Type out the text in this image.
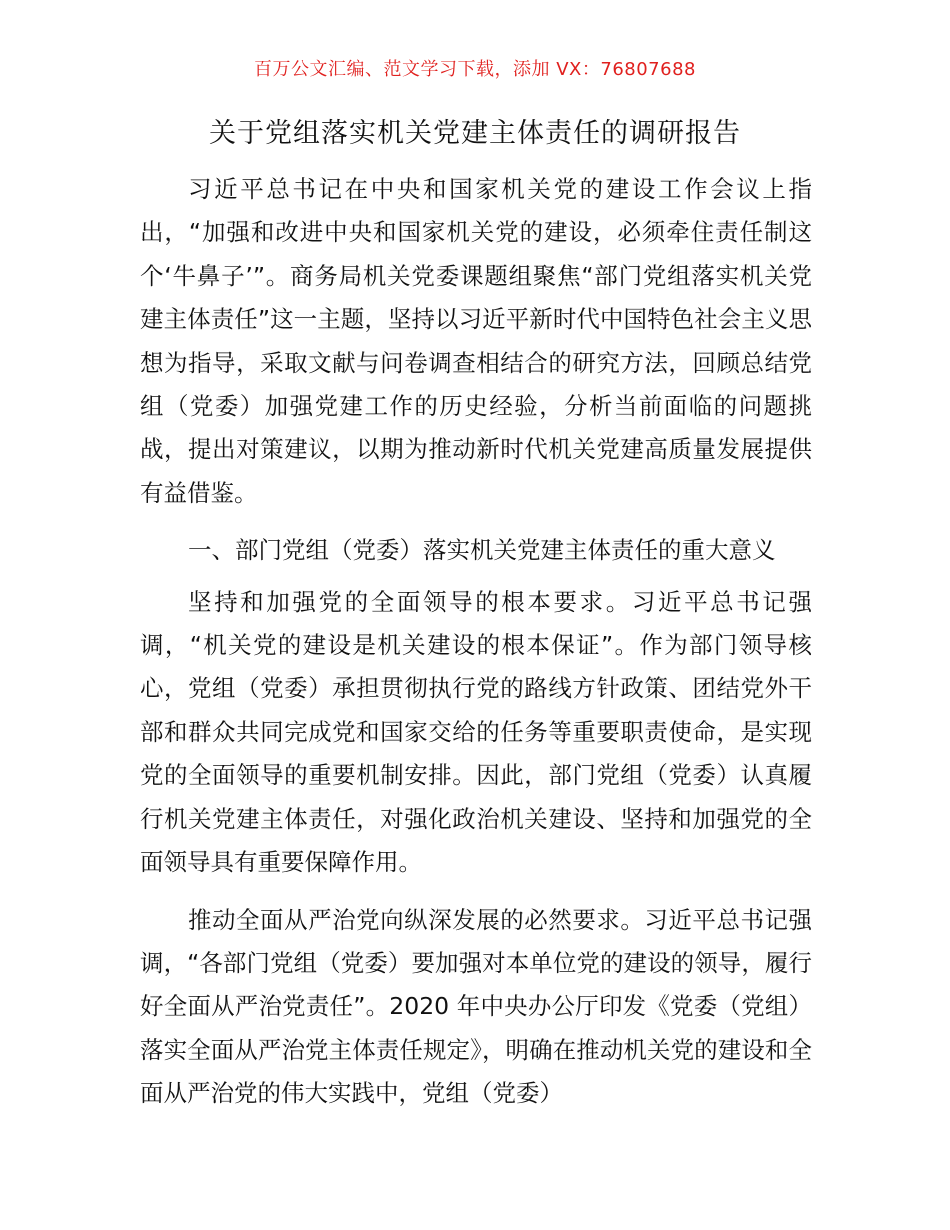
百万公文汇编、范文学习下载，添加 VX：76807688
关于党组落实机关党建主体责任的调研报告

习近平总书记在中央和国家机关党的建设工作会议上指出，“加强和改进中央和国家机关党的建设，必须牵住责任制这个‘牛鼻子’”。商务局机关党委课题组聚焦“部门党组落实机关党建主体责任”这一主题，坚持以习近平新时代中国特色社会主义思想为指导，采取文献与问卷调查相结合的研究方法，回顾总结党组（党委）加强党建工作的历史经验，分析当前面临的问题挑战，提出对策建议，以期为推动新时代机关党建高质量发展提供有益借鉴。

一、部门党组（党委）落实机关党建主体责任的重大意义

坚持和加强党的全面领导的根本要求。习近平总书记强调，“机关党的建设是机关建设的根本保证”。作为部门领导核心，党组（党委）承担贯彻执行党的路线方针政策、团结党外干部和群众共同完成党和国家交给的任务等重要职责使命，是实现党的全面领导的重要机制安排。因此，部门党组（党委）认真履行机关党建主体责任，对强化政治机关建设、坚持和加强党的全面领导具有重要保障作用。

推动全面从严治党向纵深发展的必然要求。习近平总书记强调，“各部门党组（党委）要加强对本单位党的建设的领导，履行好全面从严治党责任”。2020 年中央办公厅印发《党委（党组）落实全面从严治党主体责任规定》，明确在推动机关党的建设和全面从严治党的伟大实践中，党组（党委）
